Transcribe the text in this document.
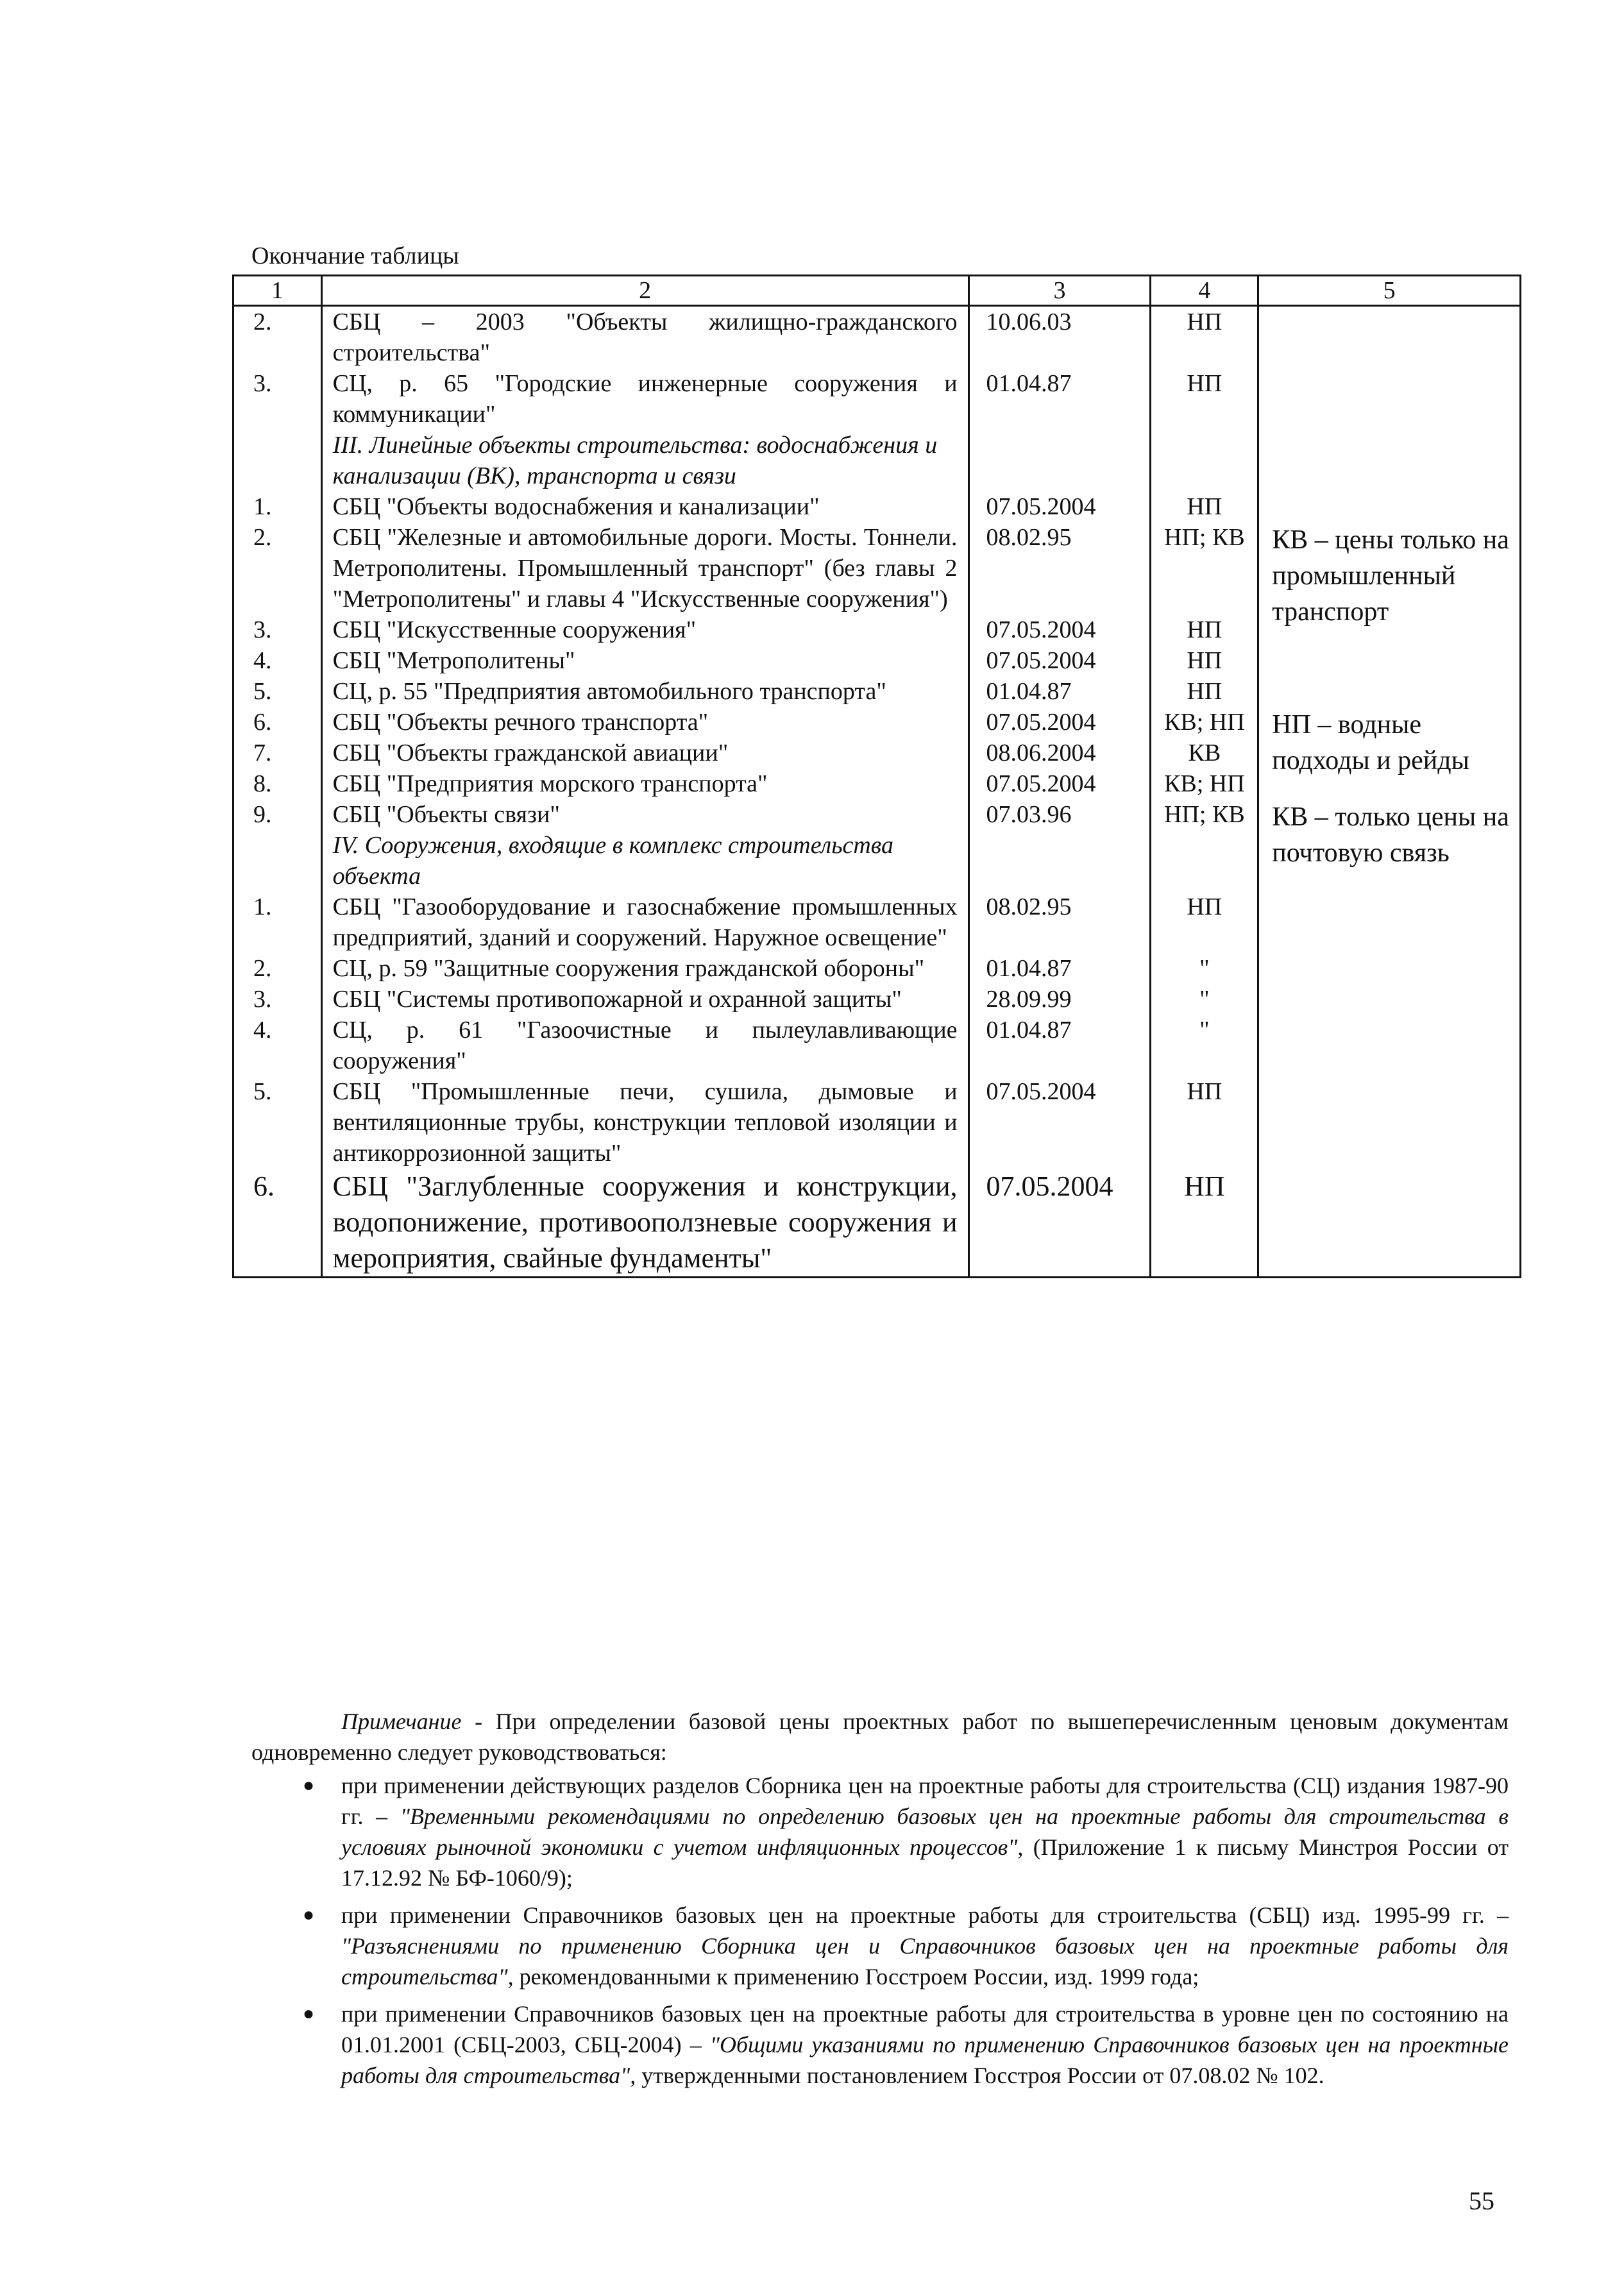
Окончание таблицы
1	2	3	4	5
2.	СБЦ – 2003 "Объекты жилищно-гражданского строительства"	10.06.03	НП	
3.	СЦ, р. 65 "Городские инженерные сооружения и коммуникации"	01.04.87	НП	
	III. Линейные объекты строительства: водоснабжения и канализации (ВК), транспорта и связи			
1.	СБЦ "Объекты водоснабжения и канализации"	07.05.2004	НП	
2.	СБЦ "Железные и автомобильные дороги. Мосты. Тоннели. Метрополитены. Промышленный транспорт" (без главы 2 "Метрополитены" и главы 4 "Искусственные сооружения")	08.02.95	НП; КВ	КВ – цены только на промышленный транспорт
3.	СБЦ "Искусственные сооружения"	07.05.2004	НП	
4.	СБЦ "Метрополитены"	07.05.2004	НП	
5.	СЦ, р. 55 "Предприятия автомобильного транспорта"	01.04.87	НП	
6.	СБЦ "Объекты речного транспорта"	07.05.2004	КВ; НП	НП – водные подходы и рейды
7.	СБЦ "Объекты гражданской авиации"	08.06.2004	КВ	
8.	СБЦ "Предприятия морского транспорта"	07.05.2004	КВ; НП	
9.	СБЦ "Объекты связи"	07.03.96	НП; КВ	КВ – только цены на почтовую связь
	IV. Сооружения, входящие в комплекс строительства объекта			
1.	СБЦ "Газооборудование и газоснабжение промышленных предприятий, зданий и сооружений. Наружное освещение"	08.02.95	НП	
2.	СЦ, р. 59 "Защитные сооружения гражданской обороны"	01.04.87	"	
3.	СБЦ "Системы противопожарной и охранной защиты"	28.09.99	"	
4.	СЦ, р. 61 "Газоочистные и пылеулавливающие сооружения"	01.04.87	"	
5.	СБЦ "Промышленные печи, сушила, дымовые и вентиляционные трубы, конструкции тепловой изоляции и антикоррозионной защиты"	07.05.2004	НП	
6.	СБЦ "Заглубленные сооружения и конструкции, водопонижение, противооползневые сооружения и мероприятия, свайные фундаменты"	07.05.2004	НП	

Примечание - При определении базовой цены проектных работ по вышеперечисленным ценовым документам одновременно следует руководствоваться:

● при применении действующих разделов Сборника цен на проектные работы для строительства (СЦ) издания 1987-90 гг. – "Временными рекомендациями по определению базовых цен на проектные работы для строительства в условиях рыночной экономики с учетом инфляционных процессов", (Приложение 1 к письму Минстроя России от 17.12.92 № БФ-1060/9);
● при применении Справочников базовых цен на проектные работы для строительства (СБЦ) изд. 1995-99 гг. – "Разъяснениями по применению Сборника цен и Справочников базовых цен на проектные работы для строительства", рекомендованными к применению Госстроем России, изд. 1999 года;
● при применении Справочников базовых цен на проектные работы для строительства в уровне цен по состоянию на 01.01.2001 (СБЦ-2003, СБЦ-2004) – "Общими указаниями по применению Справочников базовых цен на проектные работы для строительства", утвержденными постановлением Госстроя России от 07.08.02 № 102.
55
